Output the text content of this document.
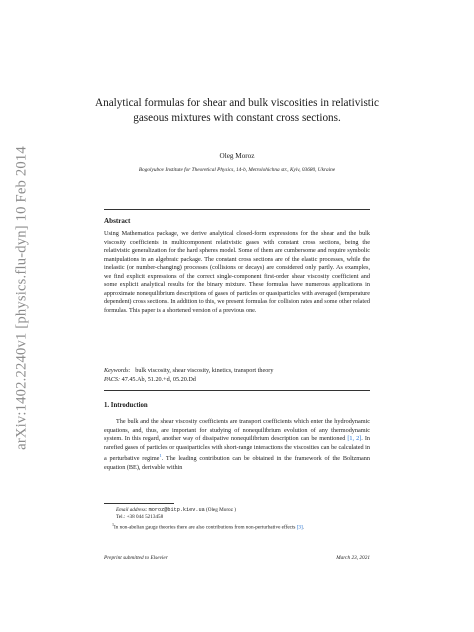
arXiv:1402.2240v1 [physics.flu-dyn] 10 Feb 2014
Analytical formulas for shear and bulk viscosities in relativistic gaseous mixtures with constant cross sections.
Oleg Moroz
Bogolyubov Institute for Theoretical Physics, 14-b, Metrolohichna str., Kyiv, 03680, Ukraine
Abstract
Using Mathematica package, we derive analytical closed-form expressions for the shear and the bulk viscosity coefficients in multicomponent relativistic gases with constant cross sections, being the relativistic generalization for the hard spheres model. Some of them are cumbersome and require symbolic manipulations in an algebraic package. The constant cross sections are of the elastic processes, while the inelastic (or number-changing) processes (collisions or decays) are considered only partly. As examples, we find explicit expressions of the correct single-component first-order shear viscosity coefficient and some explicit analytical results for the binary mixture. These formulas have numerous applications in approximate nonequilibrium descriptions of gases of particles or quasiparticles with averaged (temperature dependent) cross sections. In addition to this, we present formulas for collision rates and some other related formulas. This paper is a shortened version of a previous one.
Keywords: bulk viscosity, shear viscosity, kinetics, transport theory
PACS: 47.45.Ab, 51.20.+d, 05.20.Dd
1. Introduction
The bulk and the shear viscosity coefficients are transport coefficients which enter the hydrodynamic equations, and, thus, are important for studying of nonequilibrium evolution of any thermodynamic system. In this regard, another way of dissipative nonequilibrium description can be mentioned [1, 2]. In rarefied gases of particles or quasiparticles with short-range interactions the viscosities can be calculated in a perturbative regime$^1$. The leading contribution can be obtained in the framework of the Boltzmann equation (BE), derivable within
Email address: moroz@bitp.kiev.ua (Oleg Moroz )
Tel.: +38 044 5213458
$^1$In non-abelian gauge theories there are also contributions from non-perturbative effects [3].
Preprint submitted to Elsevier	March 23, 2021
